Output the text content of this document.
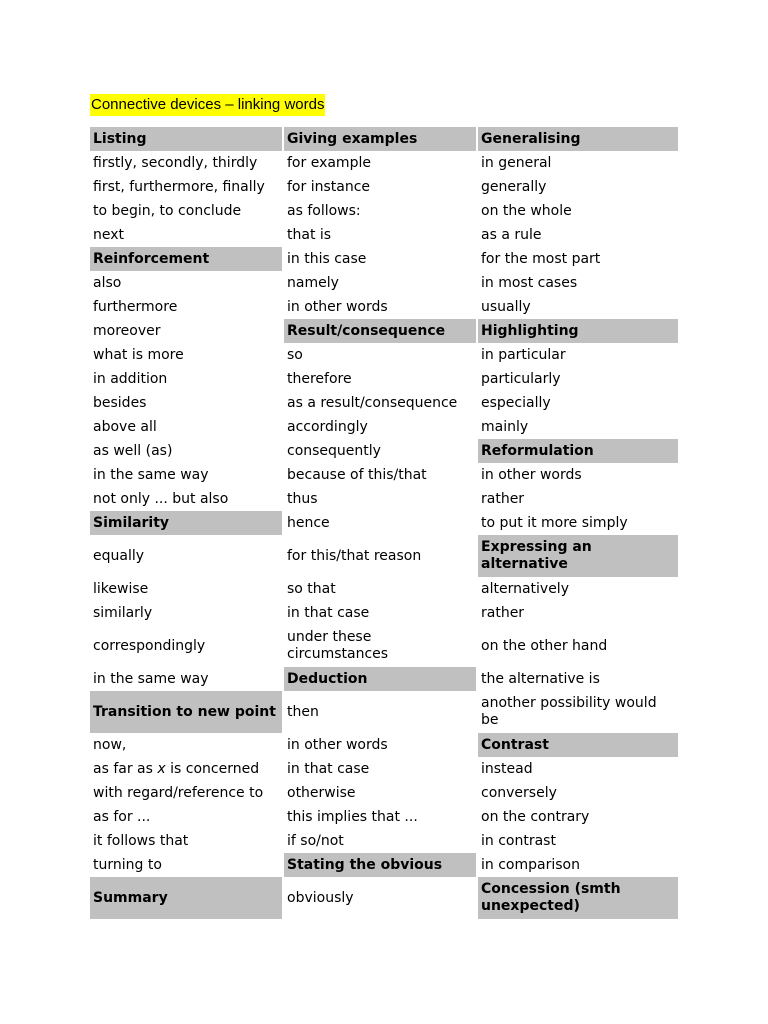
Connective devices – linking words
Listing	Giving examples	Generalising
firstly, secondly, thirdly	for example	in general
first, furthermore, finally	for instance	generally
to begin, to conclude	as follows:	on the whole
next	that is	as a rule
Reinforcement	in this case	for the most part
also	namely	in most cases
furthermore	in other words	usually
moreover	Result/consequence	Highlighting
what is more	so	in particular
in addition	therefore	particularly
besides	as a result/consequence	especially
above all	accordingly	mainly
as well (as)	consequently	Reformulation
in the same way	because of this/that	in other words
not only ... but also	thus	rather
Similarity	hence	to put it more simply
equally	for this/that reason	Expressing an alternative
likewise	so that	alternatively
similarly	in that case	rather
correspondingly	under these circumstances	on the other hand
in the same way	Deduction	the alternative is
Transition to new point	then	another possibility would be
now,	in other words	Contrast
as far as x is concerned	in that case	instead
with regard/reference to	otherwise	conversely
as for ...	this implies that ...	on the contrary
it follows that	if so/not	in contrast
turning to	Stating the obvious	in comparison
Summary	obviously	Concession (smth unexpected)
